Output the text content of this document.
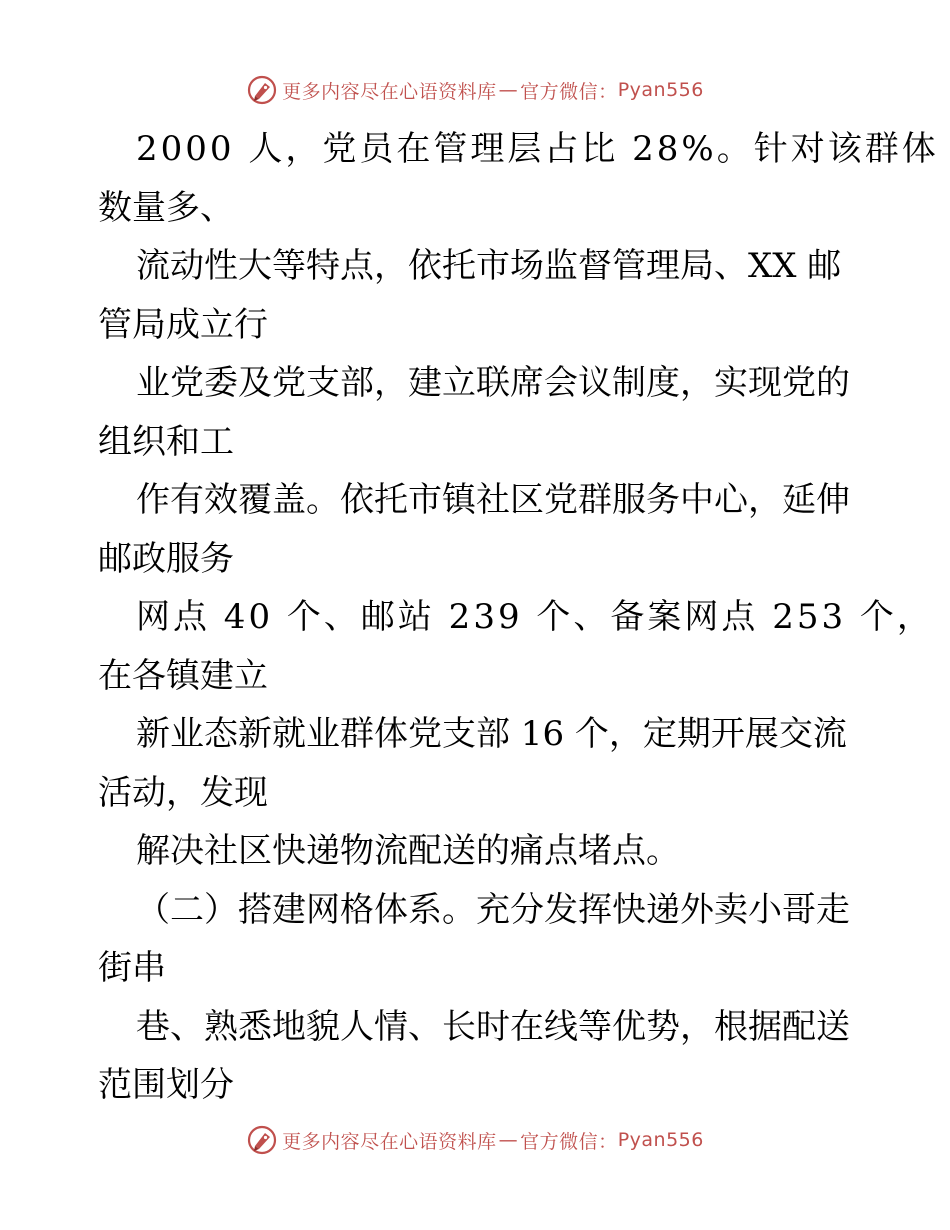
更多内容尽在心语资料库 — 官方微信： Pyan556
2000 人，党员在管理层占比 28%。针对该群体
数量多、
流动性大等特点，依托市场监督管理局、XX 邮
管局成立行
业党委及党支部，建立联席会议制度，实现党的
组织和工
作有效覆盖。依托市镇社区党群服务中心，延伸
邮政服务
网点 40 个、邮站 239 个、备案网点 253 个，
在各镇建立
新业态新就业群体党支部 16 个，定期开展交流
活动，发现
解决社区快递物流配送的痛点堵点。
（二）搭建网格体系。充分发挥快递外卖小哥走
街串
巷、熟悉地貌人情、长时在线等优势，根据配送
范围划分
更多内容尽在心语资料库 — 官方微信： Pyan556
